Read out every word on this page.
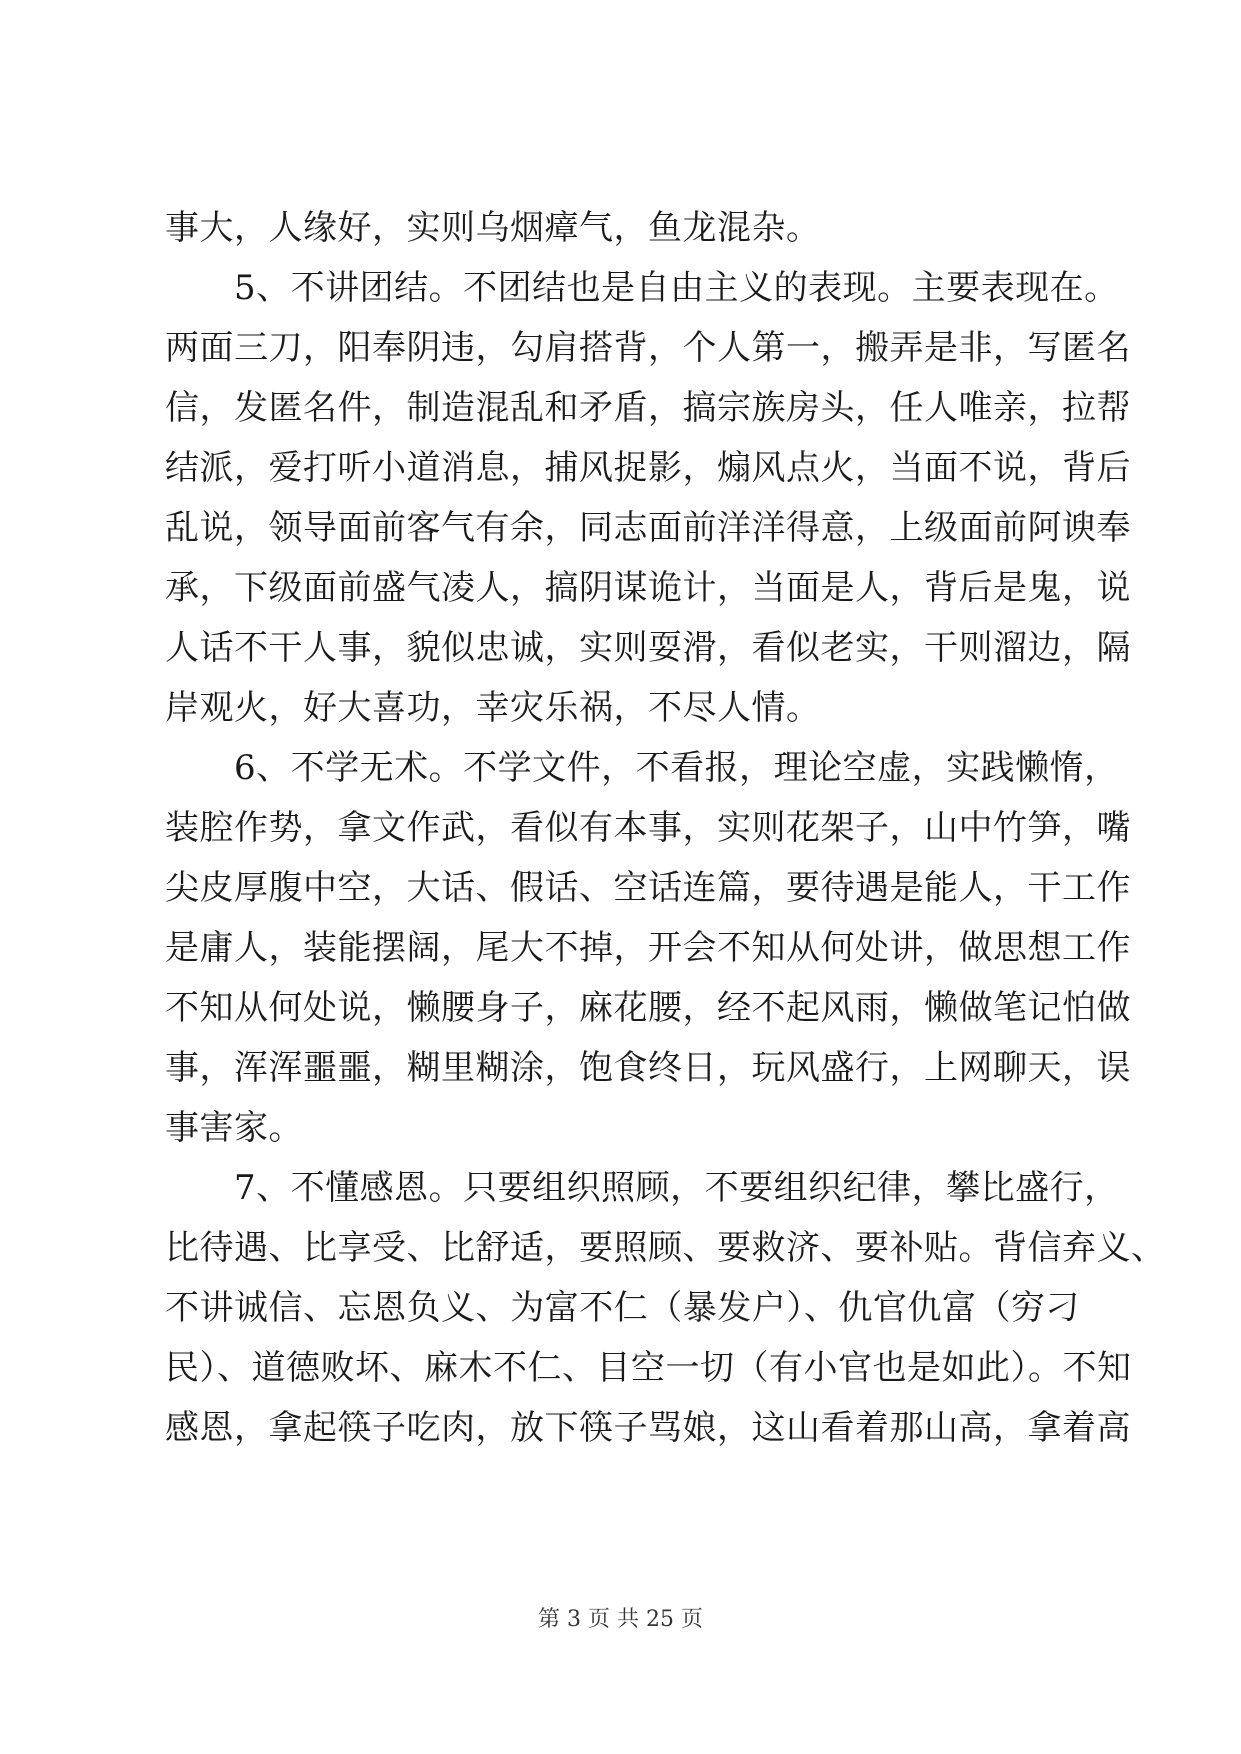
事大，人缘好，实则乌烟瘴气，鱼龙混杂。
5、不讲团结。不团结也是自由主义的表现。主要表现在。
两面三刀，阳奉阴违，勾肩搭背，个人第一，搬弄是非，写匿名
信，发匿名件，制造混乱和矛盾，搞宗族房头，任人唯亲，拉帮
结派，爱打听小道消息，捕风捉影，煽风点火，当面不说，背后
乱说，领导面前客气有余，同志面前洋洋得意，上级面前阿谀奉
承，下级面前盛气凌人，搞阴谋诡计，当面是人，背后是鬼，说
人话不干人事，貌似忠诚，实则耍滑，看似老实，干则溜边，隔
岸观火，好大喜功，幸灾乐祸，不尽人情。
6、不学无术。不学文件，不看报，理论空虚，实践懒惰，
装腔作势，拿文作武，看似有本事，实则花架子，山中竹笋，嘴
尖皮厚腹中空，大话、假话、空话连篇，要待遇是能人，干工作
是庸人，装能摆阔，尾大不掉，开会不知从何处讲，做思想工作
不知从何处说，懒腰身子，麻花腰，经不起风雨，懒做笔记怕做
事，浑浑噩噩，糊里糊涂，饱食终日，玩风盛行，上网聊天，误
事害家。
7、不懂感恩。只要组织照顾，不要组织纪律，攀比盛行，
比待遇、比享受、比舒适，要照顾、要救济、要补贴。背信弃义、
不讲诚信、忘恩负义、为富不仁（暴发户）、仇官仇富（穷刁
民）、道德败坏、麻木不仁、目空一切（有小官也是如此）。不知
感恩，拿起筷子吃肉，放下筷子骂娘，这山看着那山高，拿着高
第 3 页 共 25 页
